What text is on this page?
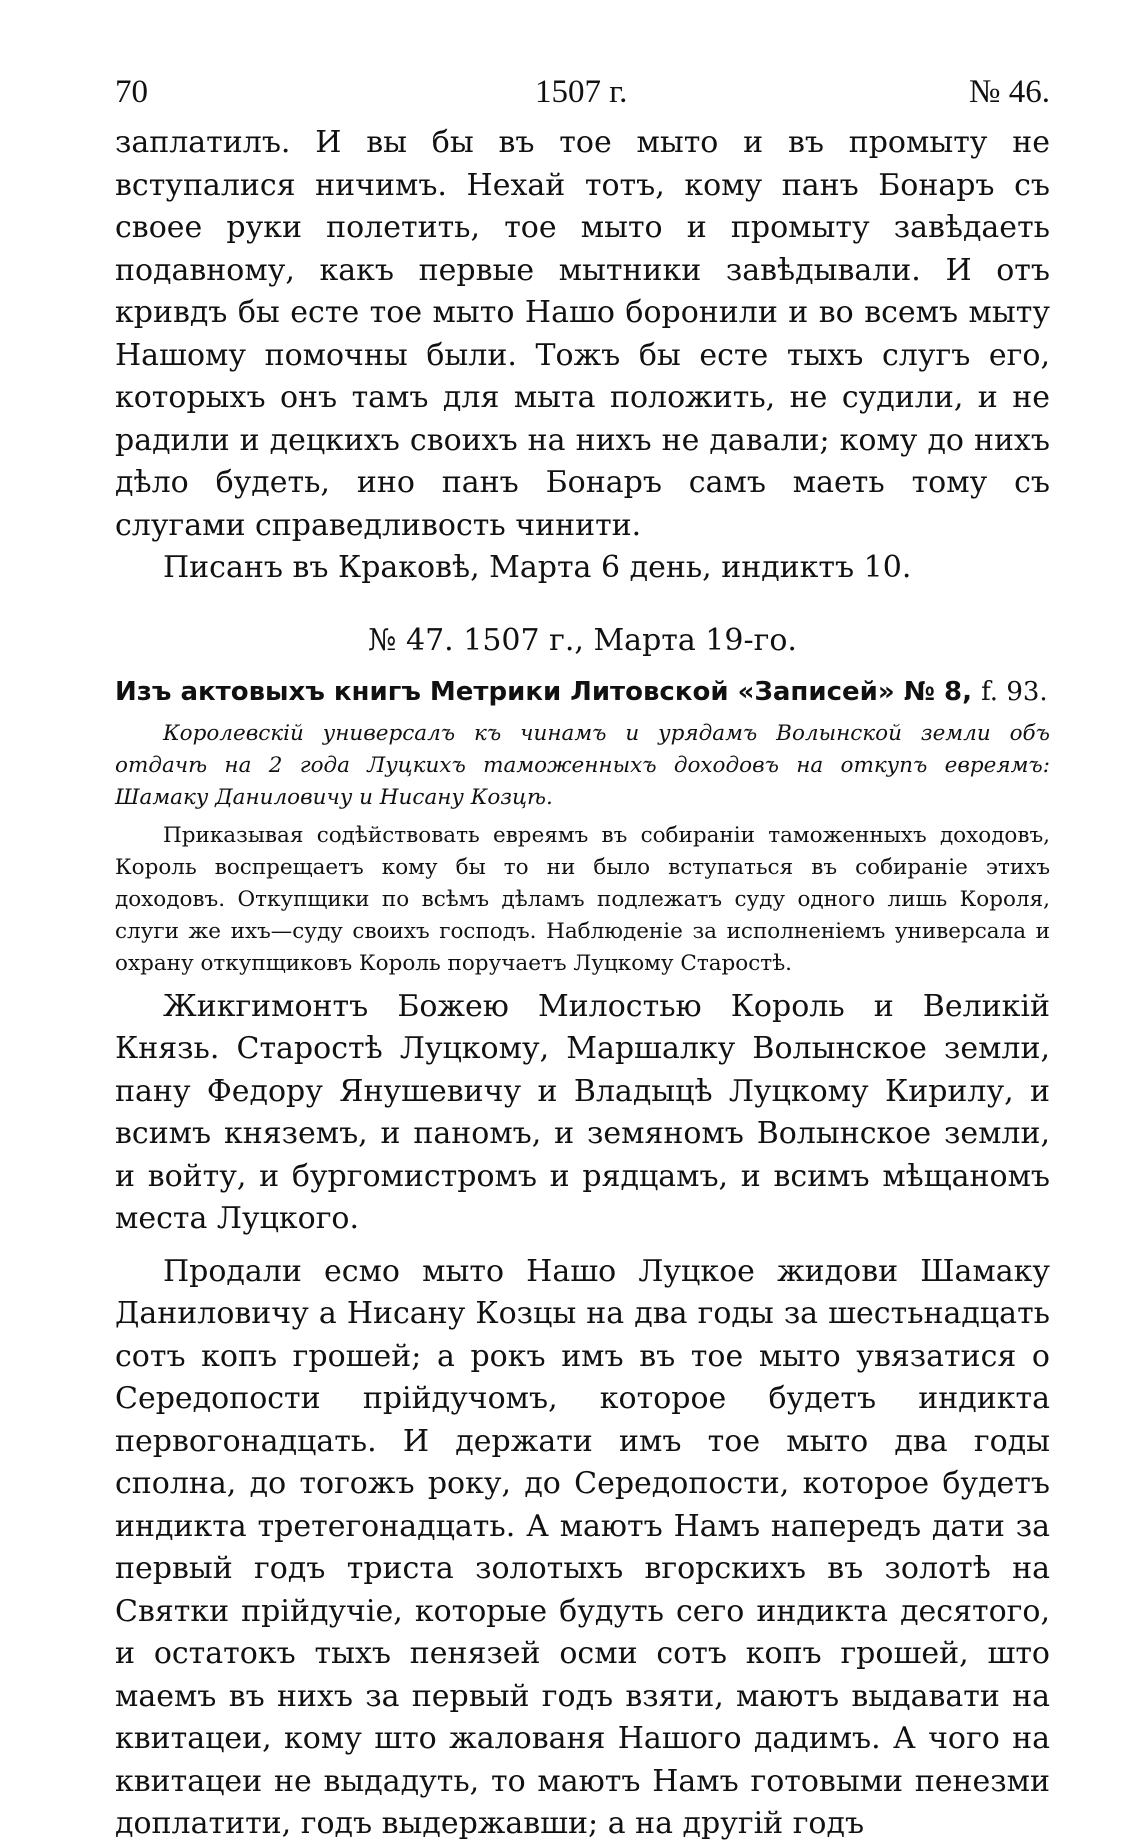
70	1507 г.	№ 46.

заплатилъ. И вы бы въ тое мыто и въ промыту не вступалися ничимъ. Нехай тотъ, кому панъ Бонаръ съ своее руки полетить, тое мыто и промыту завѣдаеть подавному, какъ первые мытники завѣдывали. И отъ кривдъ бы есте тое мыто Нашо боронили и во всемъ мыту Нашому помочны были. Тожъ бы есте тыхъ слугъ его, которыхъ онъ тамъ для мыта положить, не судили, и не радили и децкихъ своихъ на нихъ не давали; кому до нихъ дѣло будеть, ино панъ Бонаръ самъ маеть тому съ слугами справедливость чинити.

Писанъ въ Краковѣ, Марта 6 день, индиктъ 10.

№ 47. 1507 г., Марта 19-го.

Изъ актовыхъ книгъ Метрики Литовской «Записей» № 8, f. 93.

Королевскій универсалъ къ чинамъ и урядамъ Волынской земли объ отдачѣ на 2 года Луцкихъ таможенныхъ доходовъ на откупъ евреямъ: Шамаку Даниловичу и Нисану Козцѣ.

Приказывая содѣйствовать евреямъ въ собираніи таможенныхъ доходовъ, Король воспрещаетъ кому бы то ни было вступаться въ собираніе этихъ доходовъ. Откупщики по всѣмъ дѣламъ подлежатъ суду одного лишь Короля, слуги же ихъ—суду своихъ господъ. Наблюденіе за исполненіемъ универсала и охрану откупщиковъ Король поручаетъ Луцкому Старостѣ.

Жикгимонтъ Божею Милостью Король и Великій Князь. Старостѣ Луцкому, Маршалку Волынское земли, пану Федору Янушевичу и Владыцѣ Луцкому Кирилу, и всимъ княземъ, и паномъ, и земяномъ Волынское земли, и войту, и бургомистромъ и рядцамъ, и всимъ мѣщаномъ места Луцкого.

Продали есмо мыто Нашо Луцкое жидови Шамаку Даниловичу а Нисану Козцы на два годы за шестьнадцать сотъ копъ грошей; а рокъ имъ въ тое мыто увязатися о Середопости прійдучомъ, которое будетъ индикта первогонадцать. И держати имъ тое мыто два годы сполна, до тогожъ року, до Середопости, которое будетъ индикта третегонадцать. А маютъ Намъ напередъ дати за первый годъ триста золотыхъ вгорскихъ въ золотѣ на Святки прійдучіе, которые будуть сего индикта десятого, и остатокъ тыхъ пенязей осми сотъ копъ грошей, што маемъ въ нихъ за первый годъ взяти, маютъ выдавати на квитацеи, кому што жалованя Нашого дадимъ. А чого на квитацеи не выдадуть, то маютъ Намъ готовыми пенезми доплатити, годъ выдержавши; а на другій годъ
